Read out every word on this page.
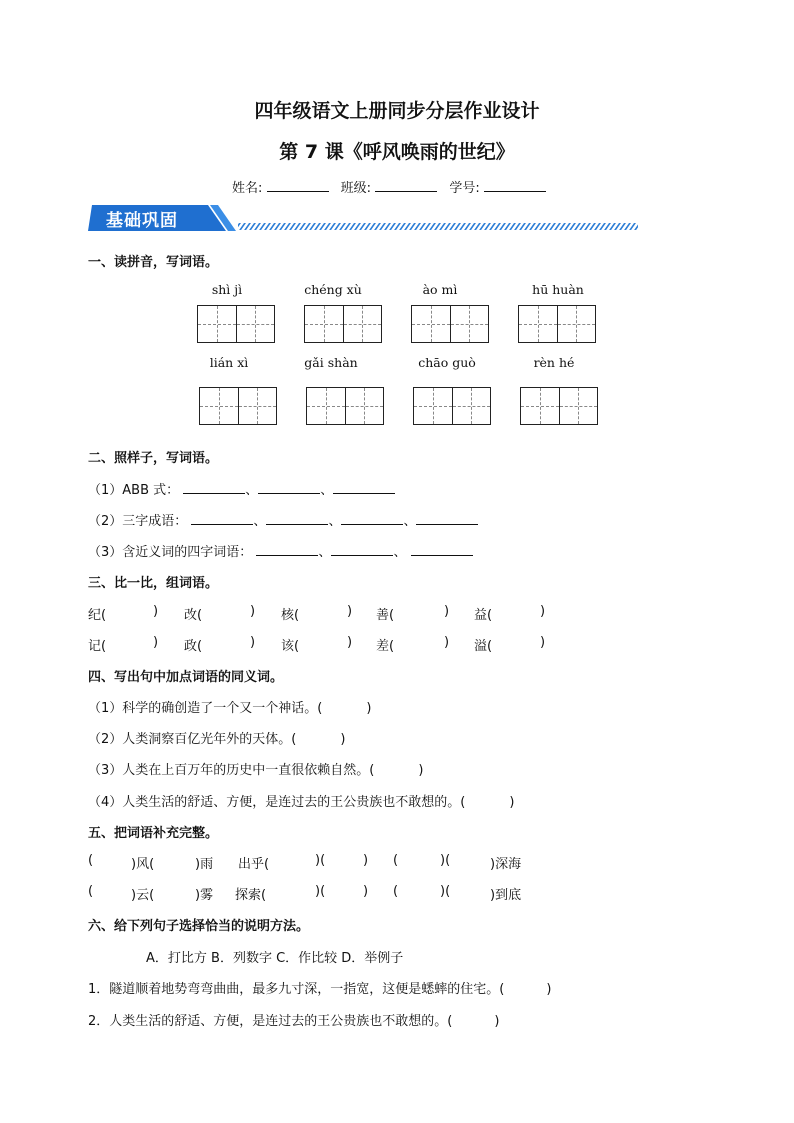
四年级语文上册同步分层作业设计
第 7 课《呼风唤雨的世纪》
姓名:	班级:	学号:
基础巩固
一、读拼音，写词语。
shì jì	chéng xù	ào mì	hū huàn
lián xì	gǎi shàn	chāo guò	rèn hé
二、照样子，写词语。
（1）ABB 式：	、	、
（2）三字成语：	、	、	、
（3）含近义词的四字词语：	、	、
三、比一比，组词语。
纪(	) 改(	) 核(	) 善(	) 益(	)
记(	) 政(	) 该(	) 差(	) 溢(	)
四、写出句中加点词语的同义词。
（1）科学的确创造了一个又一个神话。(	)
（2）人类洞察百亿光年外的天体。(	)
（3）人类在上百万年的历史中一直很依赖自然。(	)
（4）人类生活的舒适、方便，是连过去的王公贵族也不敢想的。(	)
五、把词语补充完整。
(	)风(	)雨 出乎(	)(	) (	)(	)深海
(	)云(	)雾 探索(	)(	) (	)(	)到底
六、给下列句子选择恰当的说明方法。
A．打比方 B．列数字 C．作比较 D．举例子
1．隧道顺着地势弯弯曲曲，最多九寸深，一指宽，这便是蟋蟀的住宅。(	)
2．人类生活的舒适、方便，是连过去的王公贵族也不敢想的。(	)
